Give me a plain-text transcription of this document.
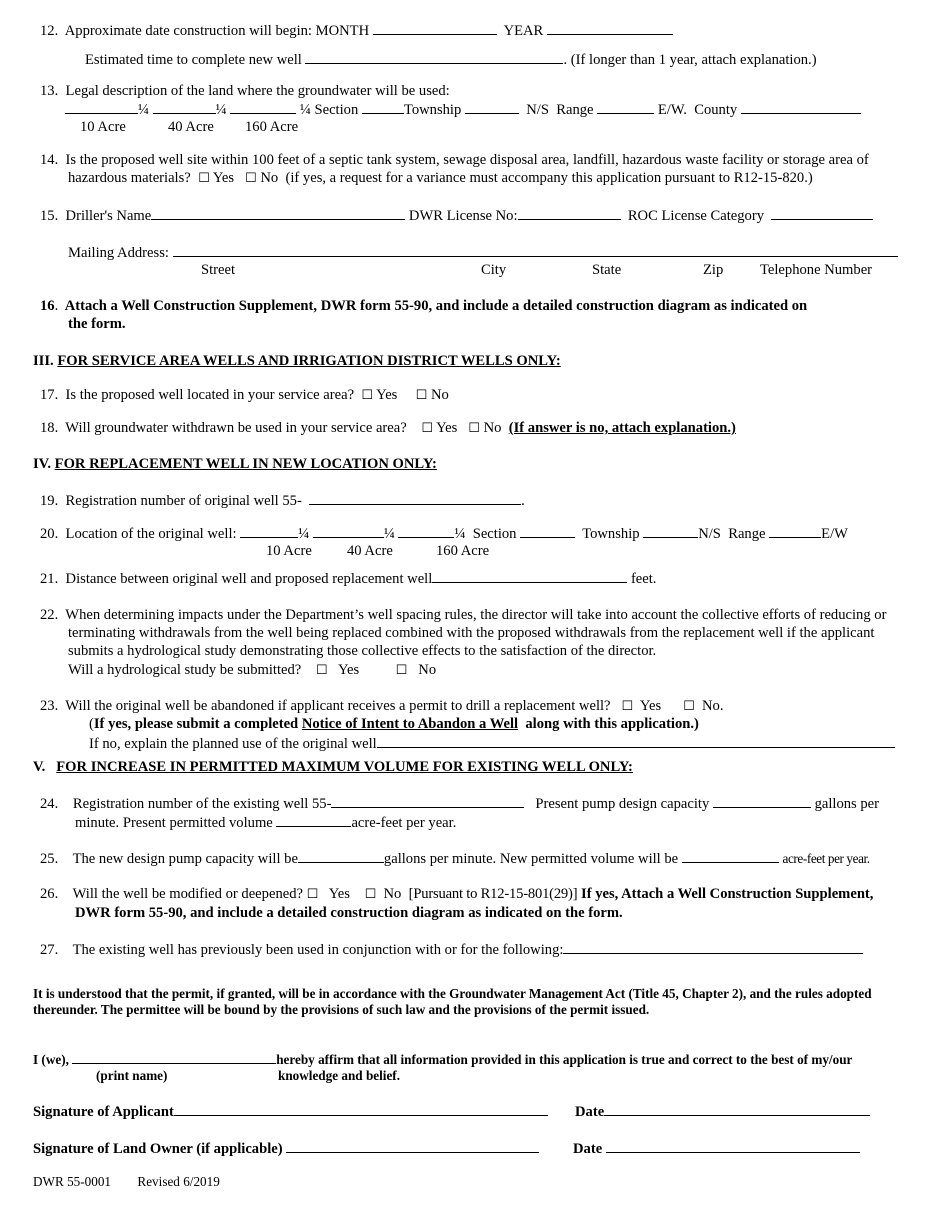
12. Approximate date construction will begin: MONTH	YEAR
Estimated time to complete new well	. (If longer than 1 year, attach explanation.)
13. Legal description of the land where the groundwater will be used:
¼	¼	¼ Section	Township	N/S Range	E/W. County
10 Acre	40 Acre 160 Acre
14. Is the proposed well site within 100 feet of a septic tank system, sewage disposal area, landfill, hazardous waste facility or storage area of
hazardous materials? ☐ Yes ☐ No (if yes, a request for a variance must accompany this application pursuant to R12-15-820.)
15. Driller's Name	DWR License No:	ROC License Category
Mailing Address:
Street	City	State	Zip	Telephone Number
16. Attach a Well Construction Supplement, DWR form 55-90, and include a detailed construction diagram as indicated on
the form.
III. FOR SERVICE AREA WELLS AND IRRIGATION DISTRICT WELLS ONLY:
17. Is the proposed well located in your service area? ☐ Yes ☐ No
18. Will groundwater withdrawn be used in your service area? ☐ Yes ☐ No (If answer is no, attach explanation.)
IV. FOR REPLACEMENT WELL IN NEW LOCATION ONLY:
19. Registration number of original well 55-	.
20. Location of the original well:	¼	¼	¼ Section	Township	N/S Range	E/W
10 Acre 40 Acre	160 Acre
21. Distance between original well and proposed replacement well	feet.
22. When determining impacts under the Department’s well spacing rules, the director will take into account the collective efforts of reducing or
terminating withdrawals from the well being replaced combined with the proposed withdrawals from the replacement well if the applicant
submits a hydrological study demonstrating those collective effects to the satisfaction of the director.
Will a hydrological study be submitted? ☐ Yes	☐ No
23. Will the original well be abandoned if applicant receives a permit to drill a replacement well? ☐ Yes ☐ No.
(If yes, please submit a completed Notice of Intent to Abandon a Well along with this application.)
If no, explain the planned use of the original well
V. FOR INCREASE IN PERMITTED MAXIMUM VOLUME FOR EXISTING WELL ONLY:
24. Registration number of the existing well 55-	Present pump design capacity	gallons per
minute. Present permitted volume	acre-feet per year.
25. The new design pump capacity will be	gallons per minute. New permitted volume will be	acre-feet per year.
26. Will the well be modified or deepened? ☐ Yes ☐ No [Pursuant to R12-15-801(29)] If yes, Attach a Well Construction Supplement,
DWR form 55-90, and include a detailed construction diagram as indicated on the form.
27. The existing well has previously been used in conjunction with or for the following:
It is understood that the permit, if granted, will be in accordance with the Groundwater Management Act (Title 45, Chapter 2), and the rules adopted
thereunder. The permittee will be bound by the provisions of such law and the provisions of the permit issued.
I (we),	hereby affirm that all information provided in this application is true and correct to the best of my/our
(print name)	knowledge and belief.
Signature of Applicant	Date
Signature of Land Owner (if applicable)	Date
DWR 55-0001 Revised 6/2019
